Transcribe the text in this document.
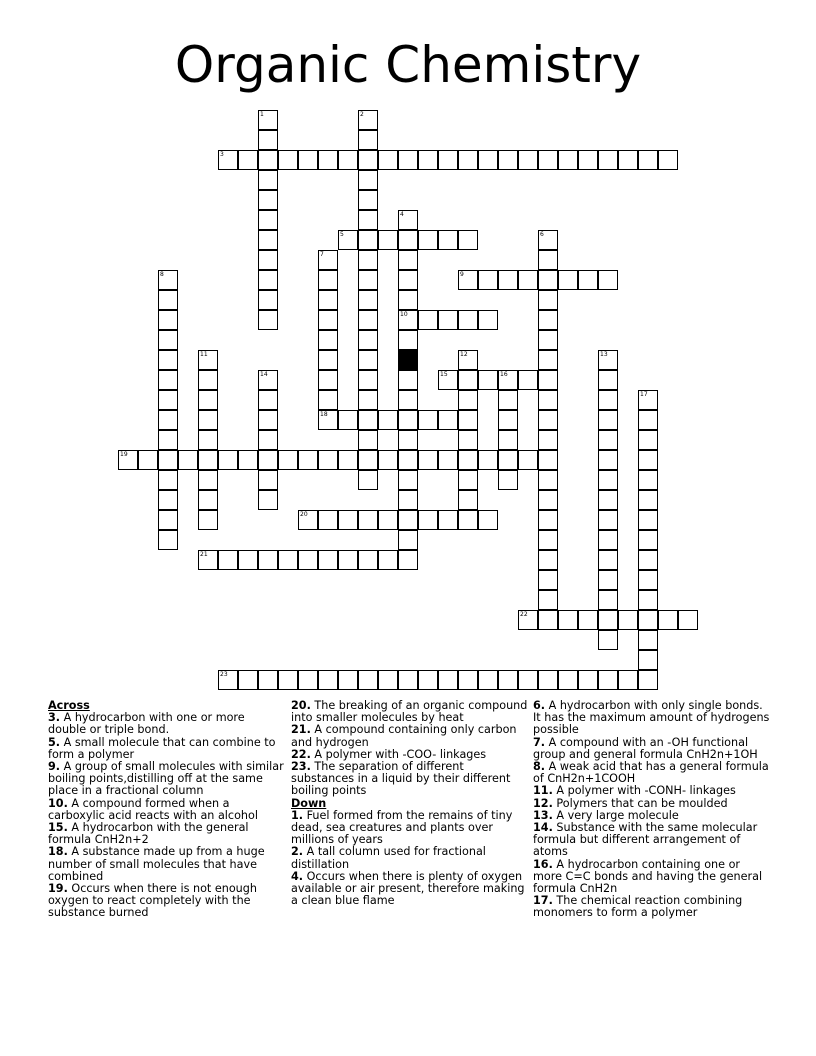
Organic Chemistry
1	2
3
4
10
5	6
7
8	9
11	12	13
14	15	16
17
18
19
20
21
22
23
Across
3. A hydrocarbon with one or more double or triple bond.
5. A small molecule that can combine to form a polymer
9. A group of small molecules with similar boiling points,distilling off at the same place in a fractional column
10. A compound formed when a carboxylic acid reacts with an alcohol
15. A hydrocarbon with the general formula CnH2n+2
18. A substance made up from a huge number of small molecules that have combined
19. Occurs when there is not enough oxygen to react completely with the substance burned
20. The breaking of an organic compound into smaller molecules by heat
21. A compound containing only carbon and hydrogen
22. A polymer with -COO- linkages
23. The separation of different substances in a liquid by their different boiling points
Down
1. Fuel formed from the remains of tiny dead, sea creatures and plants over millions of years
2. A tall column used for fractional distillation
4. Occurs when there is plenty of oxygen available or air present, therefore making a clean blue flame
6. A hydrocarbon with only single bonds. It has the maximum amount of hydrogens possible
7. A compound with an -OH functional group and general formula CnH2n+1OH
8. A weak acid that has a general formula of CnH2n+1COOH
11. A polymer with -CONH- linkages
12. Polymers that can be moulded
13. A very large molecule
14. Substance with the same molecular formula but different arrangement of atoms
16. A hydrocarbon containing one or more C=C bonds and having the general formula CnH2n
17. The chemical reaction combining monomers to form a polymer
